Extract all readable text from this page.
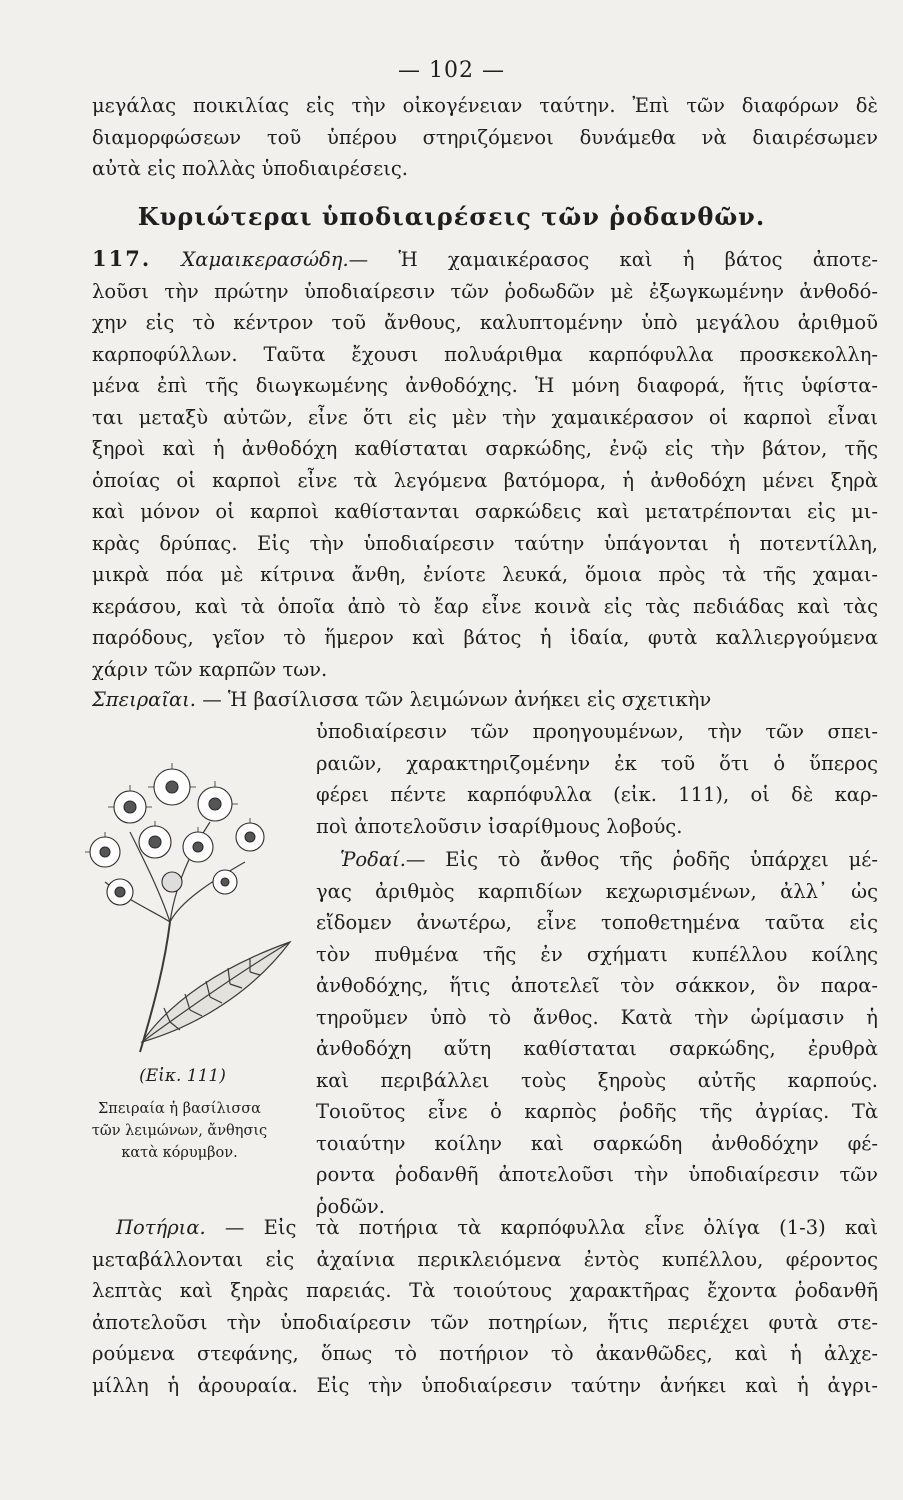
— 102 —
μεγάλας ποικιλίας εἰς τὴν οἰκογένειαν ταύτην. Ἐπὶ τῶν διαφόρων δὲ
διαμορφώσεων τοῦ ὑπέρου στηριζόμενοι δυνάμεθα νὰ διαιρέσωμεν
αὐτὰ εἰς πολλὰς ὑποδιαιρέσεις.
Κυριώτεραι ὑποδιαιρέσεις τῶν ῥοδανθῶν.
117. Χαμαικερασώδη.— Ἡ χαμαικέρασος καὶ ἡ βάτος ἀποτε-
λοῦσι τὴν πρώτην ὑποδιαίρεσιν τῶν ῥοδωδῶν μὲ ἐξωγκωμένην ἀνθοδό-
χην εἰς τὸ κέντρον τοῦ ἄνθους, καλυπτομένην ὑπὸ μεγάλου ἀριθμοῦ
καρποφύλλων. Ταῦτα ἔχουσι πολυάριθμα καρπόφυλλα προσκεκολλη-
μένα ἐπὶ τῆς διωγκωμένης ἀνθοδόχης. Ἡ μόνη διαφορά, ἥτις ὑφίστα-
ται μεταξὺ αὐτῶν, εἶνε ὅτι εἰς μὲν τὴν χαμαικέρασον οἱ καρποὶ εἶναι
ξηροὶ καὶ ἡ ἀνθοδόχη καθίσταται σαρκώδης, ἐνῷ εἰς τὴν βάτον, τῆς
ὁποίας οἱ καρποὶ εἶνε τὰ λεγόμενα βατόμορα, ἡ ἀνθοδόχη μένει ξηρὰ
καὶ μόνον οἱ καρποὶ καθίστανται σαρκώδεις καὶ μετατρέπονται εἰς μι-
κρὰς δρύπας. Εἰς τὴν ὑποδιαίρεσιν ταύτην ὑπάγονται ἡ ποτεντίλλη,
μικρὰ πόα μὲ κίτρινα ἄνθη, ἐνίοτε λευκά, ὅμοια πρὸς τὰ τῆς χαμαι-
κεράσου, καὶ τὰ ὁποῖα ἀπὸ τὸ ἔαρ εἶνε κοινὰ εἰς τὰς πεδιάδας καὶ τὰς
παρόδους, γεῖον τὸ ἥμερον καὶ βάτος ἡ ἰδαία, φυτὰ καλλιεργούμενα
χάριν τῶν καρπῶν των.
Σπειραῖαι. — Ἡ βασίλισσα τῶν λειμώνων ἀνήκει εἰς σχετικὴν
ὑποδιαίρεσιν τῶν προηγουμένων, τὴν τῶν σπει-
ραιῶν, χαρακτηριζομένην ἐκ τοῦ ὅτι ὁ ὕπερος
φέρει πέντε καρπόφυλλα (εἰκ. 111), οἱ δὲ καρ-
ποὶ ἀποτελοῦσιν ἰσαρίθμους λοβούς.
Ῥοδαί.— Εἰς τὸ ἄνθος τῆς ῥοδῆς ὑπάρχει μέ-
γας ἀριθμὸς καρπιδίων κεχωρισμένων, ἀλλ᾽ ὡς
εἴδομεν ἀνωτέρω, εἶνε τοποθετημένα ταῦτα εἰς
τὸν πυθμένα τῆς ἐν σχήματι κυπέλλου κοίλης
ἀνθοδόχης, ἥτις ἀποτελεῖ τὸν σάκκον, ὃν παρα-
τηροῦμεν ὑπὸ τὸ ἄνθος. Κατὰ τὴν ὡρίμασιν ἡ
ἀνθοδόχη αὕτη καθίσταται σαρκώδης, ἐρυθρὰ
καὶ περιβάλλει τοὺς ξηροὺς αὐτῆς καρπούς.
Τοιοῦτος εἶνε ὁ καρπὸς ῥοδῆς τῆς ἀγρίας. Τὰ
τοιαύτην κοίλην καὶ σαρκώδη ἀνθοδόχην φέ-
ροντα ῥοδανθῆ ἀποτελοῦσι τὴν ὑποδιαίρεσιν τῶν
ῥοδῶν.
(Εἰκ. 111)
Σπειραία ἡ βασίλισσα
τῶν λειμώνων, ἄνθησις
κατὰ κόρυμβον.
Ποτήρια. — Εἰς τὰ ποτήρια τὰ καρπόφυλλα εἶνε ὀλίγα (1-3) καὶ
μεταβάλλονται εἰς ἀχαίνια περικλειόμενα ἐντὸς κυπέλλου, φέροντος
λεπτὰς καὶ ξηρὰς παρειάς. Τὰ τοιούτους χαρακτῆρας ἔχοντα ῥοδανθῆ
ἀποτελοῦσι τὴν ὑποδιαίρεσιν τῶν ποτηρίων, ἥτις περιέχει φυτὰ στε-
ρούμενα στεφάνης, ὅπως τὸ ποτήριον τὸ ἀκανθῶδες, καὶ ἡ ἀλχε-
μίλλη ἡ ἀρουραία. Εἰς τὴν ὑποδιαίρεσιν ταύτην ἀνήκει καὶ ἡ ἀγρι-
